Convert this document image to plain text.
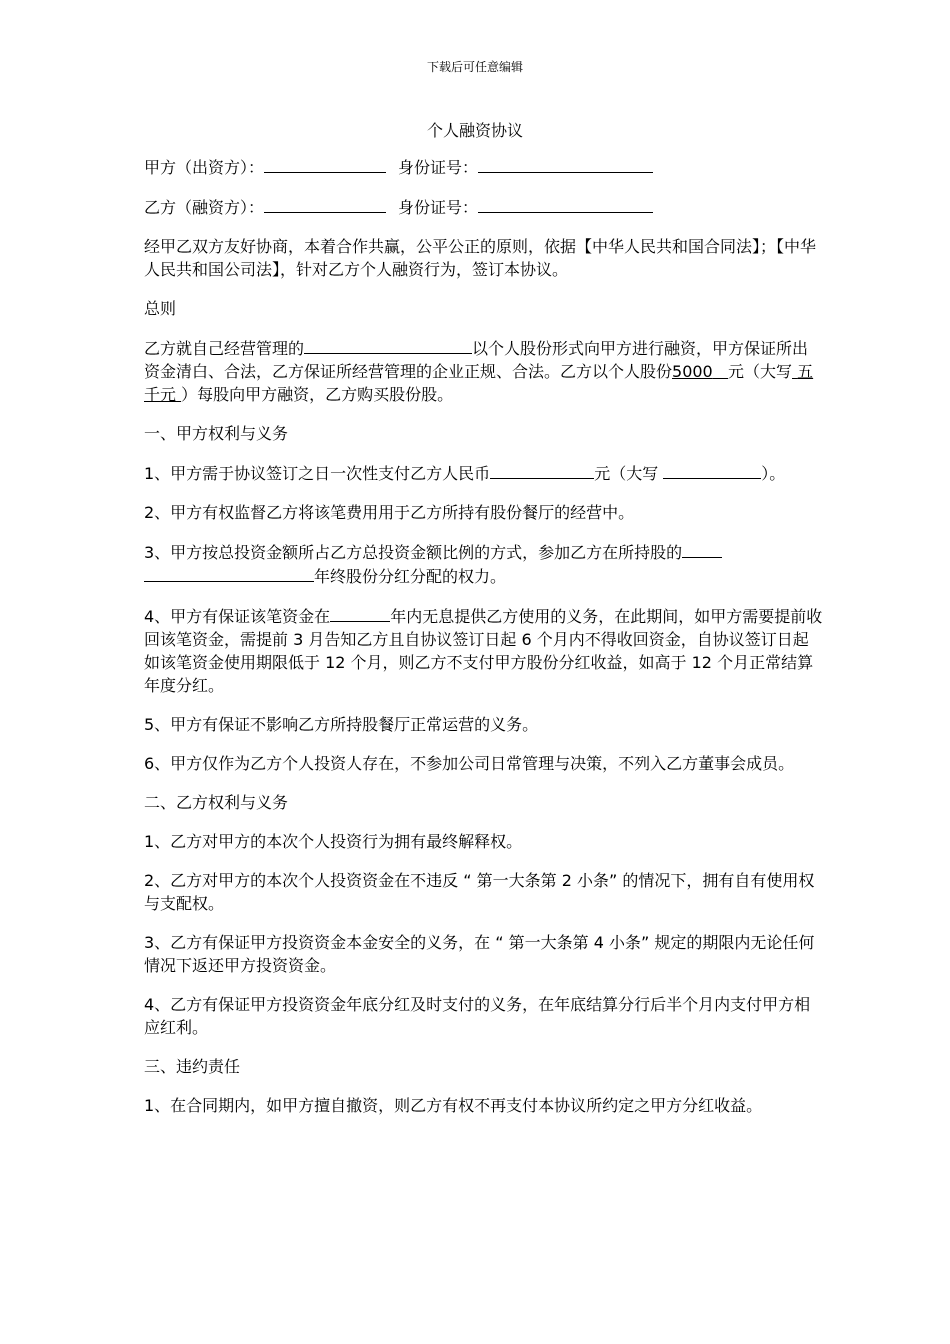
下载后可任意编辑
个人融资协议
甲方（出资方）：	身份证号：
乙方（融资方）：	身份证号：

经甲乙双方友好协商，本着合作共赢，公平公正的原则，依据【中华人民共和国合同法】；【中华人民共和国公司法】，针对乙方个人融资行为，签订本协议。

总则

乙方就自己经营管理的	以个人股份形式向甲方进行融资，甲方保证所出资金清白、合法，乙方保证所经营管理的企业正规、合法。乙方以个人股份5000 元（大写 五千元 ）每股向甲方融资，乙方购买股份股。

一、甲方权利与义务

1、甲方需于协议签订之日一次性支付乙方人民币	元（大写	）。

2、甲方有权监督乙方将该笔费用用于乙方所持有股份餐厅的经营中。

3、甲方按总投资金额所占乙方总投资金额比例的方式，参加乙方在所持股的
年终股份分红分配的权力。

4、甲方有保证该笔资金在	年内无息提供乙方使用的义务，在此期间，如甲方需要提前收回该笔资金，需提前 3 月告知乙方且自协议签订日起 6 个月内不得收回资金，自协议签订日起如该笔资金使用期限低于 12 个月，则乙方不支付甲方股份分红收益，如高于 12 个月正常结算年度分红。

5、甲方有保证不影响乙方所持股餐厅正常运营的义务。

6、甲方仅作为乙方个人投资人存在，不参加公司日常管理与决策，不列入乙方董事会成员。

二、乙方权利与义务

1、乙方对甲方的本次个人投资行为拥有最终解释权。

2、乙方对甲方的本次个人投资资金在不违反 “ 第一大条第 2 小条” 的情况下，拥有自有使用权与支配权。

3、乙方有保证甲方投资资金本金安全的义务，在 “ 第一大条第 4 小条” 规定的期限内无论任何情况下返还甲方投资资金。

4、乙方有保证甲方投资资金年底分红及时支付的义务，在年底结算分行后半个月内支付甲方相应红利。

三、违约责任

1、在合同期内，如甲方擅自撤资，则乙方有权不再支付本协议所约定之甲方分红收益。
